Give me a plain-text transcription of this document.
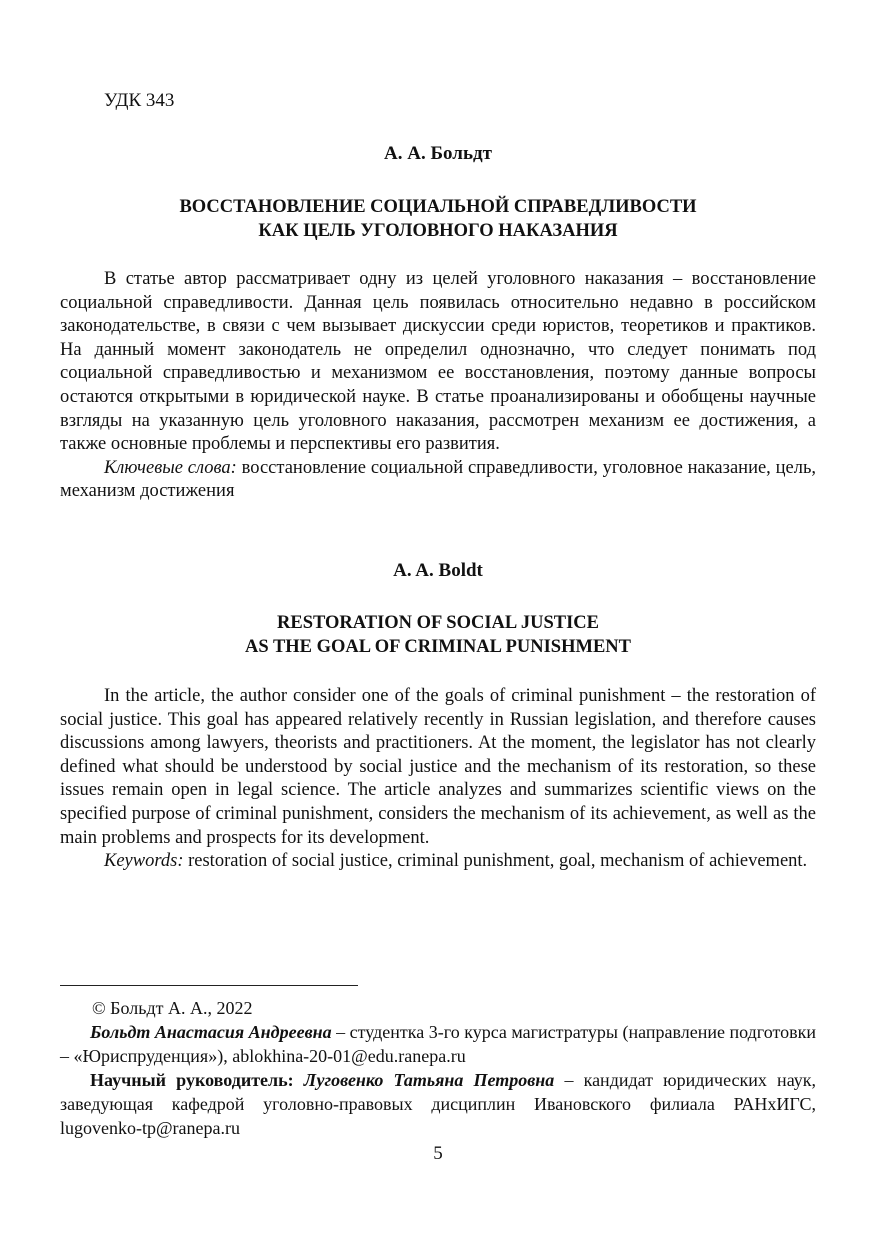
УДК 343
А. А. Больдт
ВОССТАНОВЛЕНИЕ СОЦИАЛЬНОЙ СПРАВЕДЛИВОСТИ
КАК ЦЕЛЬ УГОЛОВНОГО НАКАЗАНИЯ

В статье автор рассматривает одну из целей уголовного наказания – восстановление социальной справедливости. Данная цель появилась относительно недавно в российском законодательстве, в связи с чем вызывает дискуссии среди юристов, теоретиков и практиков. На данный момент законодатель не определил однозначно, что следует понимать под социальной справедливостью и механизмом ее восстановления, поэтому данные вопросы остаются открытыми в юридической науке. В статье проанализированы и обобщены научные взгляды на указанную цель уголовного наказания, рассмотрен механизм ее достижения, а также основные проблемы и перспективы его развития.

Ключевые слова: восстановление социальной справедливости, уголовное наказание, цель, механизм достижения

A. A. Boldt
RESTORATION OF SOCIAL JUSTICE
AS THE GOAL OF CRIMINAL PUNISHMENT

In the article, the author consider one of the goals of criminal punishment – the restoration of social justice. This goal has appeared relatively recently in Russian legislation, and therefore causes discussions among lawyers, theorists and practitioners. At the moment, the legislator has not clearly defined what should be understood by social justice and the mechanism of its restoration, so these issues remain open in legal science. The article analyzes and summarizes scientific views on the specified purpose of criminal punishment, considers the mechanism of its achievement, as well as the main problems and prospects for its development.

Keywords: restoration of social justice, criminal punishment, goal, mechanism of achievement.

© Больдт А. А., 2022

Больдт Анастасия Андреевна – студентка 3-го курса магистратуры (направление подготовки – «Юриспруденция»), ablokhina-20-01@edu.ranepa.ru

Научный руководитель: Луговенко Татьяна Петровна – кандидат юридических наук, заведующая кафедрой уголовно-правовых дисциплин Ивановского филиала РАНхИГС, lugovenko-tp@ranepa.ru

5
